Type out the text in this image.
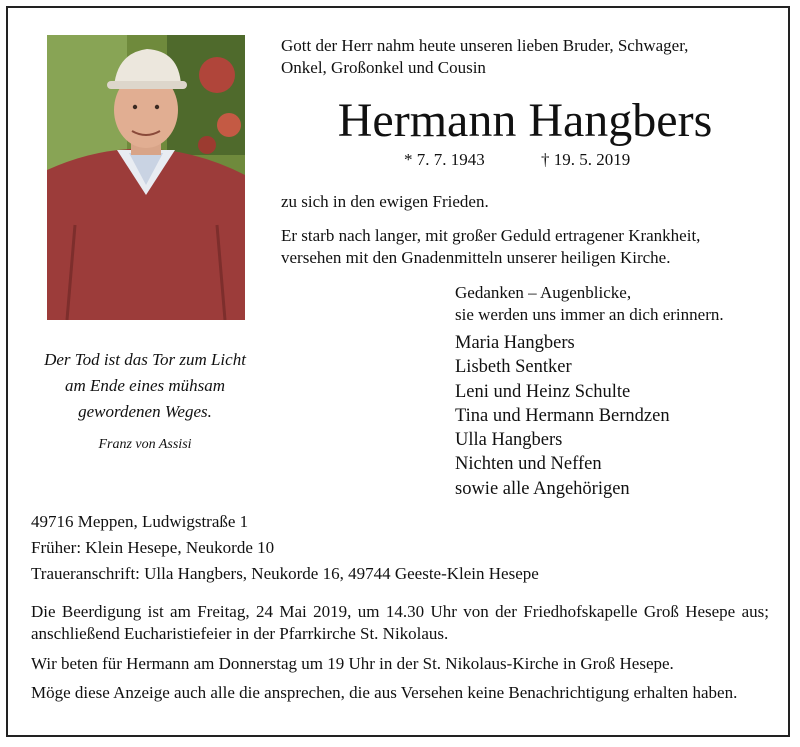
Der Tod ist das Tor zum Licht
am Ende eines mühsam
gewordenen Weges.
Franz von Assisi

Gott der Herr nahm heute unseren lieben Bruder, Schwager,

Onkel, Großonkel und Cousin

Hermann Hangbers
* 7. 7. 1943	† 19. 5. 2019

zu sich in den ewigen Frieden.

Er starb nach langer, mit großer Geduld ertragener Krankheit,

versehen mit den Gnadenmitteln unserer heiligen Kirche.

Gedanken – Augenblicke,

sie werden uns immer an dich erinnern.

Maria Hangbers
Lisbeth Sentker
Leni und Heinz Schulte
Tina und Hermann Berndzen
Ulla Hangbers
Nichten und Neffen
sowie alle Angehörigen

49716 Meppen, Ludwigstraße 1

Früher: Klein Hesepe, Neukorde 10

Traueranschrift: Ulla Hangbers, Neukorde 16, 49744 Geeste-Klein Hesepe

Die Beerdigung ist am Freitag, 24 Mai 2019, um 14.30 Uhr von der Friedhofskapelle Groß Hesepe aus; anschließend Eucharistiefeier in der Pfarrkirche St. Nikolaus.

Wir beten für Hermann am Donnerstag um 19 Uhr in der St. Nikolaus-Kirche in Groß Hesepe.

Möge diese Anzeige auch alle die ansprechen, die aus Versehen keine Benachrichtigung erhalten haben.
